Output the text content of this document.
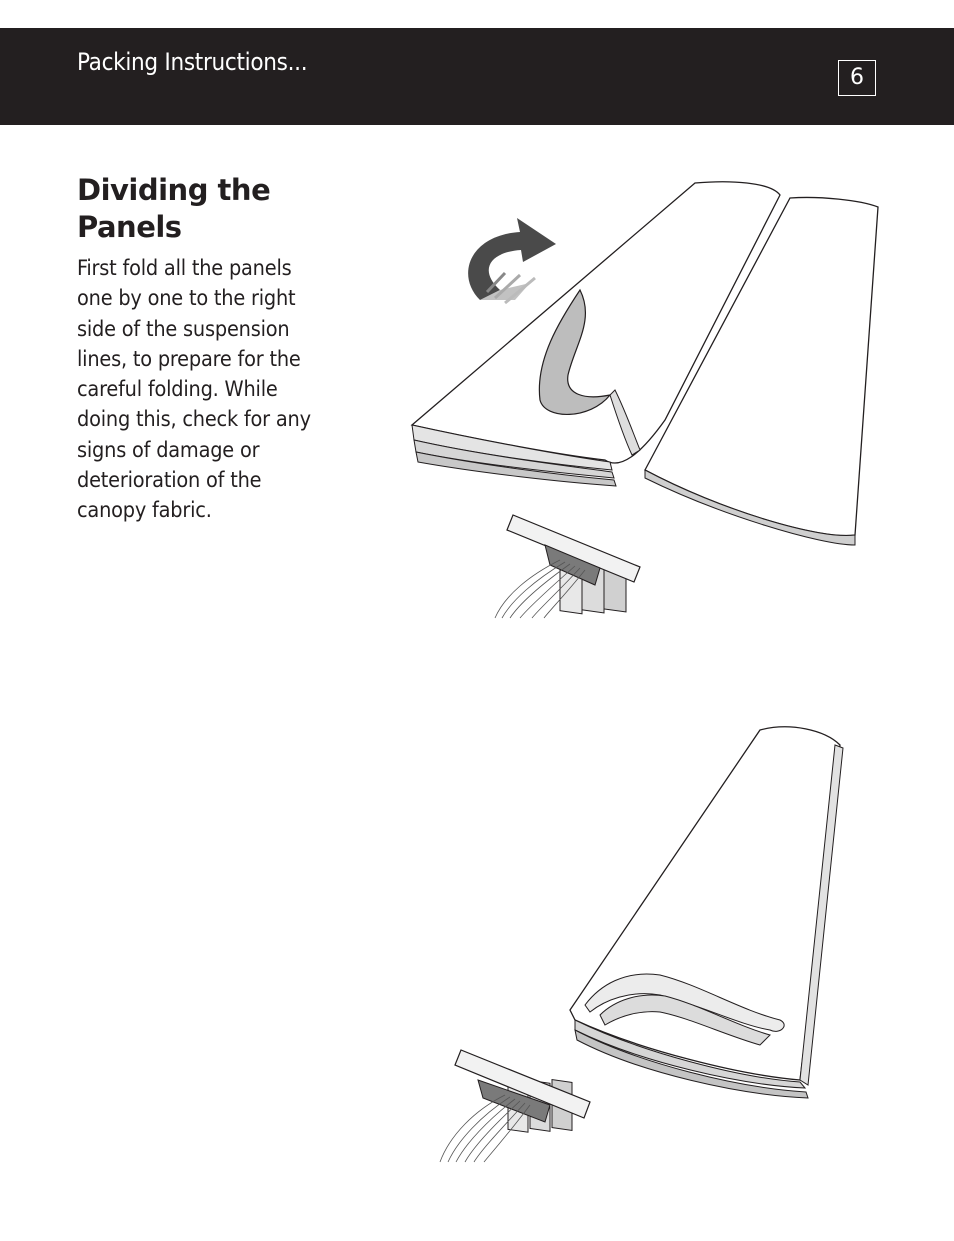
Packing Instructions...
6
Dividing the Panels
First fold all the panels one by one to the right side of the suspension lines, to prepare for the careful folding. While doing this, check for any signs of damage or deterioration of the canopy fabric.
